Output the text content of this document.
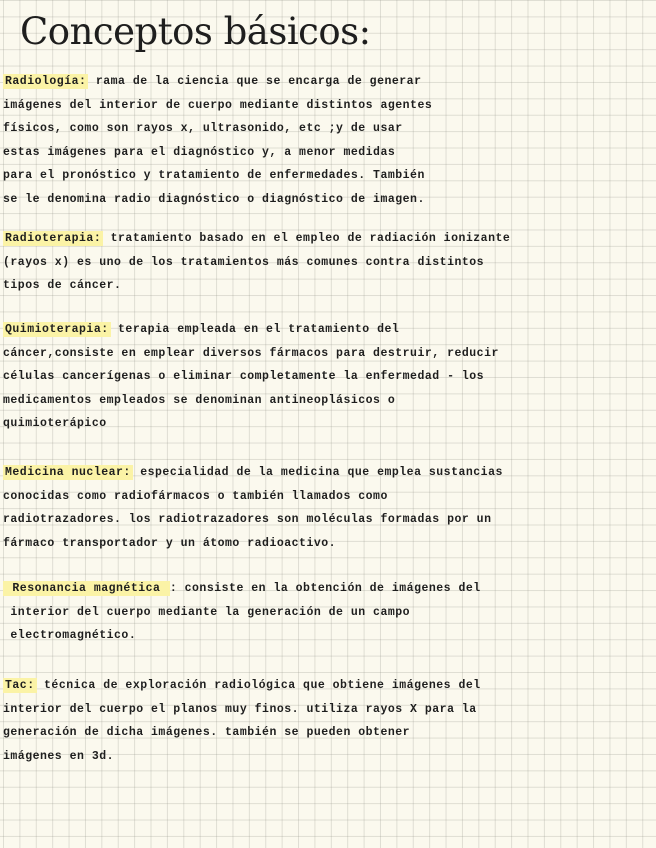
Conceptos básicos:
Radiología: rama de la ciencia que se encarga de generar
imágenes del interior de cuerpo mediante distintos agentes
físicos, como son rayos x, ultrasonido, etc ;y de usar
estas imágenes para el diagnóstico y, a menor medidas
para el pronóstico y tratamiento de enfermedades. También
se le denomina radio diagnóstico o diagnóstico de imagen.
Radioterapia: tratamiento basado en el empleo de radiación ionizante
(rayos x) es uno de los tratamientos más comunes contra distintos
tipos de cáncer.
Quimioterapia: terapia empleada en el tratamiento del
cáncer,consiste en emplear diversos fármacos para destruir, reducir
células cancerígenas o eliminar completamente la enfermedad - los
medicamentos empleados se denominan antineoplásicos o
quimioterápico
Medicina nuclear: especialidad de la medicina que emplea sustancias
conocidas como radiofármacos o también llamados como
radiotrazadores. los radiotrazadores son moléculas formadas por un
fármaco transportador y un átomo radioactivo.
Resonancia magnética : consiste en la obtención de imágenes del
interior del cuerpo mediante la generación de un campo
electromagnético.
Tac: técnica de exploración radiológica que obtiene imágenes del
interior del cuerpo el planos muy finos. utiliza rayos X para la
generación de dicha imágenes. también se pueden obtener
imágenes en 3d.
